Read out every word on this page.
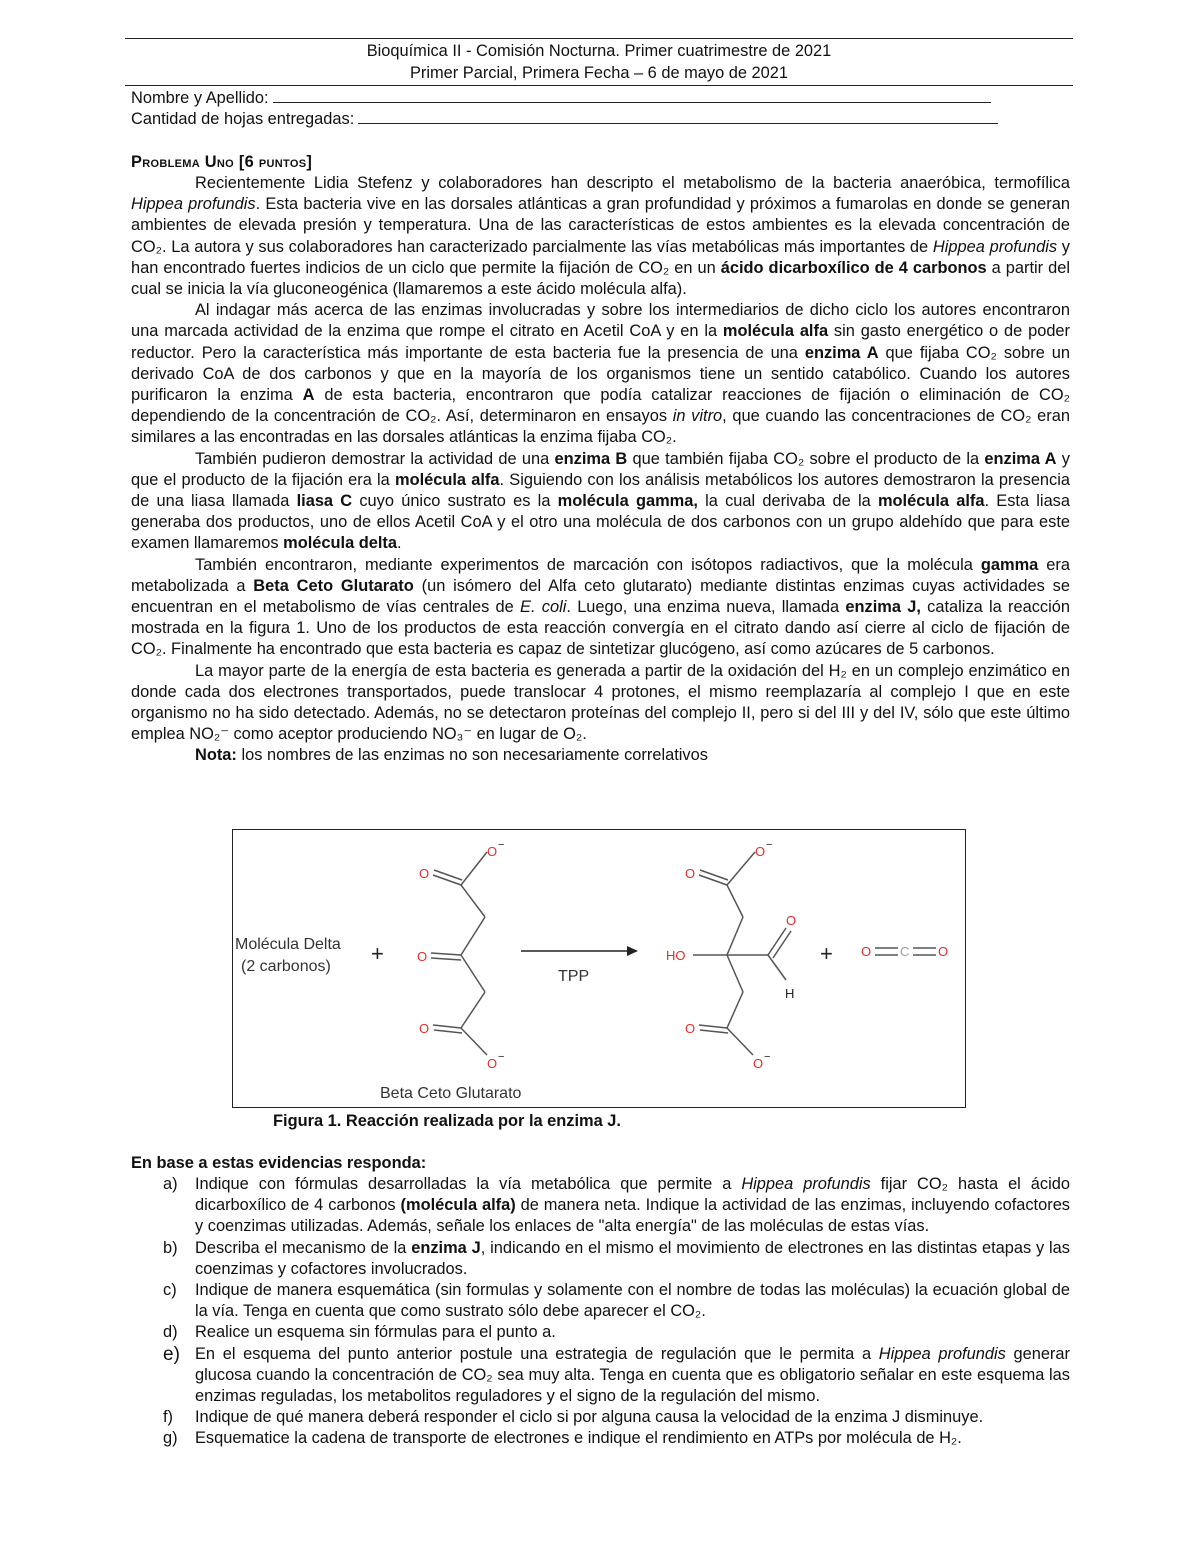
Bioquímica II - Comisión Nocturna. Primer cuatrimestre de 2021
Primer Parcial, Primera Fecha – 6 de mayo de 2021
Nombre y Apellido:
Cantidad de hojas entregadas:
Problema Uno [6 puntos]

Recientemente Lidia Stefenz y colaboradores han descripto el metabolismo de la bacteria anaeróbica, termofílica Hippea profundis. Esta bacteria vive en las dorsales atlánticas a gran profundidad y próximos a fumarolas en donde se generan ambientes de elevada presión y temperatura. Una de las características de estos ambientes es la elevada concentración de CO₂. La autora y sus colaboradores han caracterizado parcialmente las vías metabólicas más importantes de Hippea profundis y han encontrado fuertes indicios de un ciclo que permite la fijación de CO₂ en un ácido dicarboxílico de 4 carbonos a partir del cual se inicia la vía gluconeogénica (llamaremos a este ácido molécula alfa).

Al indagar más acerca de las enzimas involucradas y sobre los intermediarios de dicho ciclo los autores encontraron una marcada actividad de la enzima que rompe el citrato en Acetil CoA y en la molécula alfa sin gasto energético o de poder reductor. Pero la característica más importante de esta bacteria fue la presencia de una enzima A que fijaba CO₂ sobre un derivado CoA de dos carbonos y que en la mayoría de los organismos tiene un sentido catabólico. Cuando los autores purificaron la enzima A de esta bacteria, encontraron que podía catalizar reacciones de fijación o eliminación de CO₂ dependiendo de la concentración de CO₂. Así, determinaron en ensayos in vitro, que cuando las concentraciones de CO₂ eran similares a las encontradas en las dorsales atlánticas la enzima fijaba CO₂.

También pudieron demostrar la actividad de una enzima B que también fijaba CO₂ sobre el producto de la enzima A y que el producto de la fijación era la molécula alfa. Siguiendo con los análisis metabólicos los autores demostraron la presencia de una liasa llamada liasa C cuyo único sustrato es la molécula gamma, la cual derivaba de la molécula alfa. Esta liasa generaba dos productos, uno de ellos Acetil CoA y el otro una molécula de dos carbonos con un grupo aldehído que para este examen llamaremos molécula delta.

También encontraron, mediante experimentos de marcación con isótopos radiactivos, que la molécula gamma era metabolizada a Beta Ceto Glutarato (un isómero del Alfa ceto glutarato) mediante distintas enzimas cuyas actividades se encuentran en el metabolismo de vías centrales de E. coli. Luego, una enzima nueva, llamada enzima J, cataliza la reacción mostrada en la figura 1. Uno de los productos de esta reacción convergía en el citrato dando así cierre al ciclo de fijación de CO₂. Finalmente ha encontrado que esta bacteria es capaz de sintetizar glucógeno, así como azúcares de 5 carbonos.

La mayor parte de la energía de esta bacteria es generada a partir de la oxidación del H₂ en un complejo enzimático en donde cada dos electrones transportados, puede translocar 4 protones, el mismo reemplazaría al complejo I que en este organismo no ha sido detectado. Además, no se detectaron proteínas del complejo II, pero si del III y del IV, sólo que este último emplea NO₂⁻ como aceptor produciendo NO₃⁻ en lugar de O₂.

Nota: los nombres de las enzimas no son necesariamente correlativos

Molécula Delta
(2 carbonos)
+
TPP
+
Beta Ceto Glutarato
O −
O
O
O
O −
O −
O
O
HO
H
O
O −
O C O
Figura 1. Reacción realizada por la enzima J.
En base a estas evidencias responda:
a)	Indique con fórmulas desarrolladas la vía metabólica que permite a Hippea profundis fijar CO₂ hasta el ácido dicarboxílico de 4 carbonos (molécula alfa) de manera neta. Indique la actividad de las enzimas, incluyendo cofactores y coenzimas utilizadas. Además, señale los enlaces de "alta energía" de las moléculas de estas vías.
b)	Describa el mecanismo de la enzima J, indicando en el mismo el movimiento de electrones en las distintas etapas y las coenzimas y cofactores involucrados.
c)	Indique de manera esquemática (sin formulas y solamente con el nombre de todas las moléculas) la ecuación global de la vía. Tenga en cuenta que como sustrato sólo debe aparecer el CO₂.
d)	Realice un esquema sin fórmulas para el punto a.
e) En el esquema del punto anterior postule una estrategia de regulación que le permita a Hippea profundis generar glucosa cuando la concentración de CO₂ sea muy alta. Tenga en cuenta que es obligatorio señalar en este esquema las enzimas reguladas, los metabolitos reguladores y el signo de la regulación del mismo.
f)	Indique de qué manera deberá responder el ciclo si por alguna causa la velocidad de la enzima J disminuye.
g)	Esquematice la cadena de transporte de electrones e indique el rendimiento en ATPs por molécula de H₂.
